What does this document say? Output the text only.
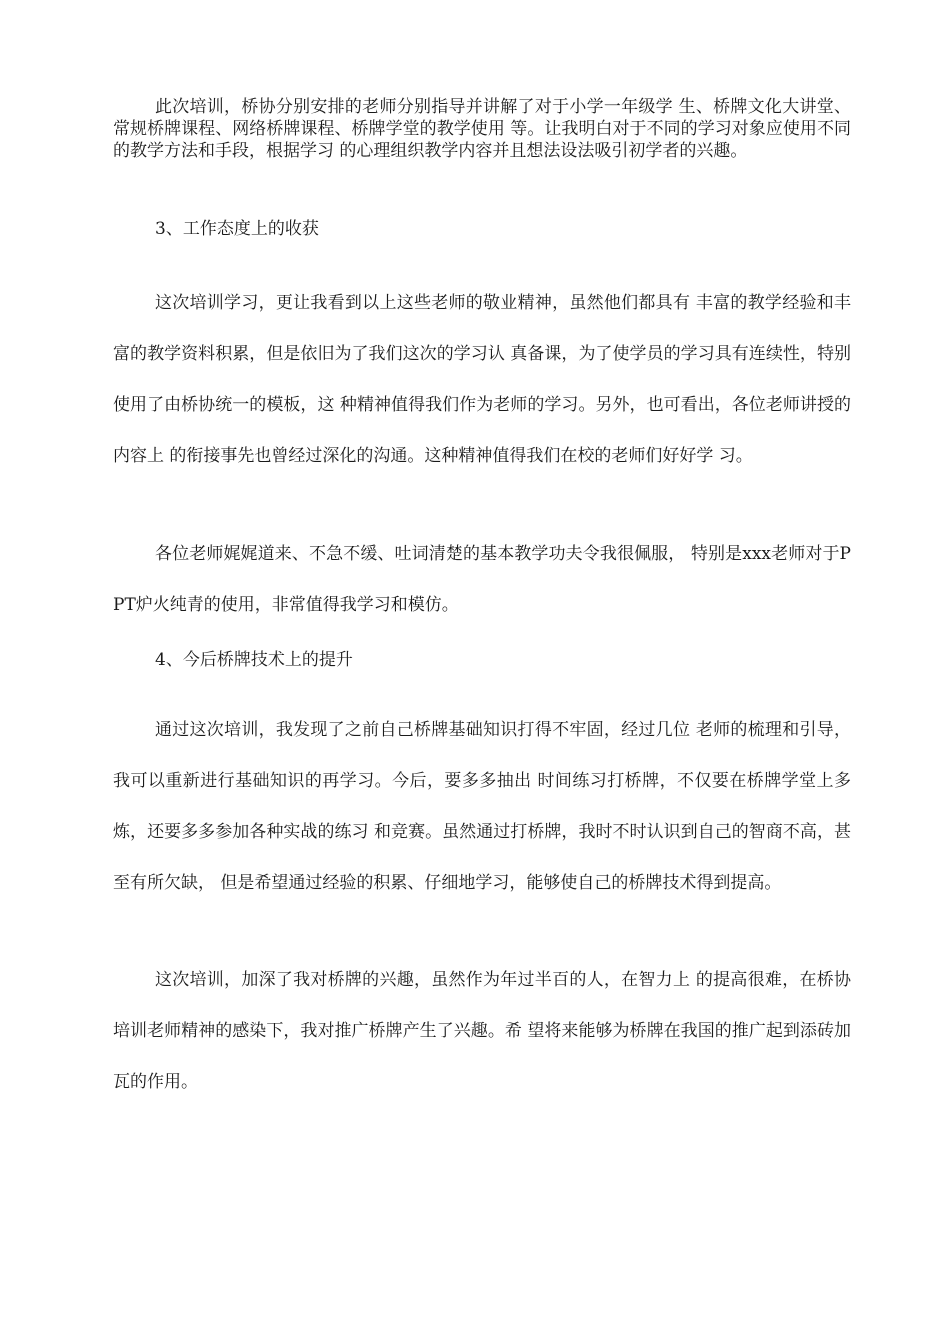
此次培训，桥协分别安排的老师分别指导并讲解了对于小学一年级学 生、桥牌文化大讲堂、常规桥牌课程、网络桥牌课程、桥牌学堂的教学使用 等。让我明白对于不同的学习对象应使用不同的教学方法和手段，根据学习 的心理组织教学内容并且想法设法吸引初学者的兴趣。

3、工作态度上的收获

这次培训学习，更让我看到以上这些老师的敬业精神，虽然他们都具有 丰富的教学经验和丰富的教学资料积累，但是依旧为了我们这次的学习认 真备课，为了使学员的学习具有连续性，特别使用了由桥协统一的模板，这 种精神值得我们作为老师的学习。另外，也可看出，各位老师讲授的内容上 的衔接事先也曾经过深化的沟通。这种精神值得我们在校的老师们好好学 习。

各位老师娓娓道来、不急不缓、吐词清楚的基本教学功夫令我很佩服， 特别是xxx老师对于PPT炉火纯青的使用，非常值得我学习和模仿。

4、今后桥牌技术上的提升

通过这次培训，我发现了之前自己桥牌基础知识打得不牢固，经过几位 老师的梳理和引导，我可以重新进行基础知识的再学习。今后，要多多抽出 时间练习打桥牌，不仅要在桥牌学堂上多炼，还要多多参加各种实战的练习 和竞赛。虽然通过打桥牌，我时不时认识到自己的智商不高，甚至有所欠缺， 但是希望通过经验的积累、仔细地学习，能够使自己的桥牌技术得到提高。

这次培训，加深了我对桥牌的兴趣，虽然作为年过半百的人，在智力上 的提高很难，在桥协培训老师精神的感染下，我对推广桥牌产生了兴趣。希 望将来能够为桥牌在我国的推广起到添砖加瓦的作用。
